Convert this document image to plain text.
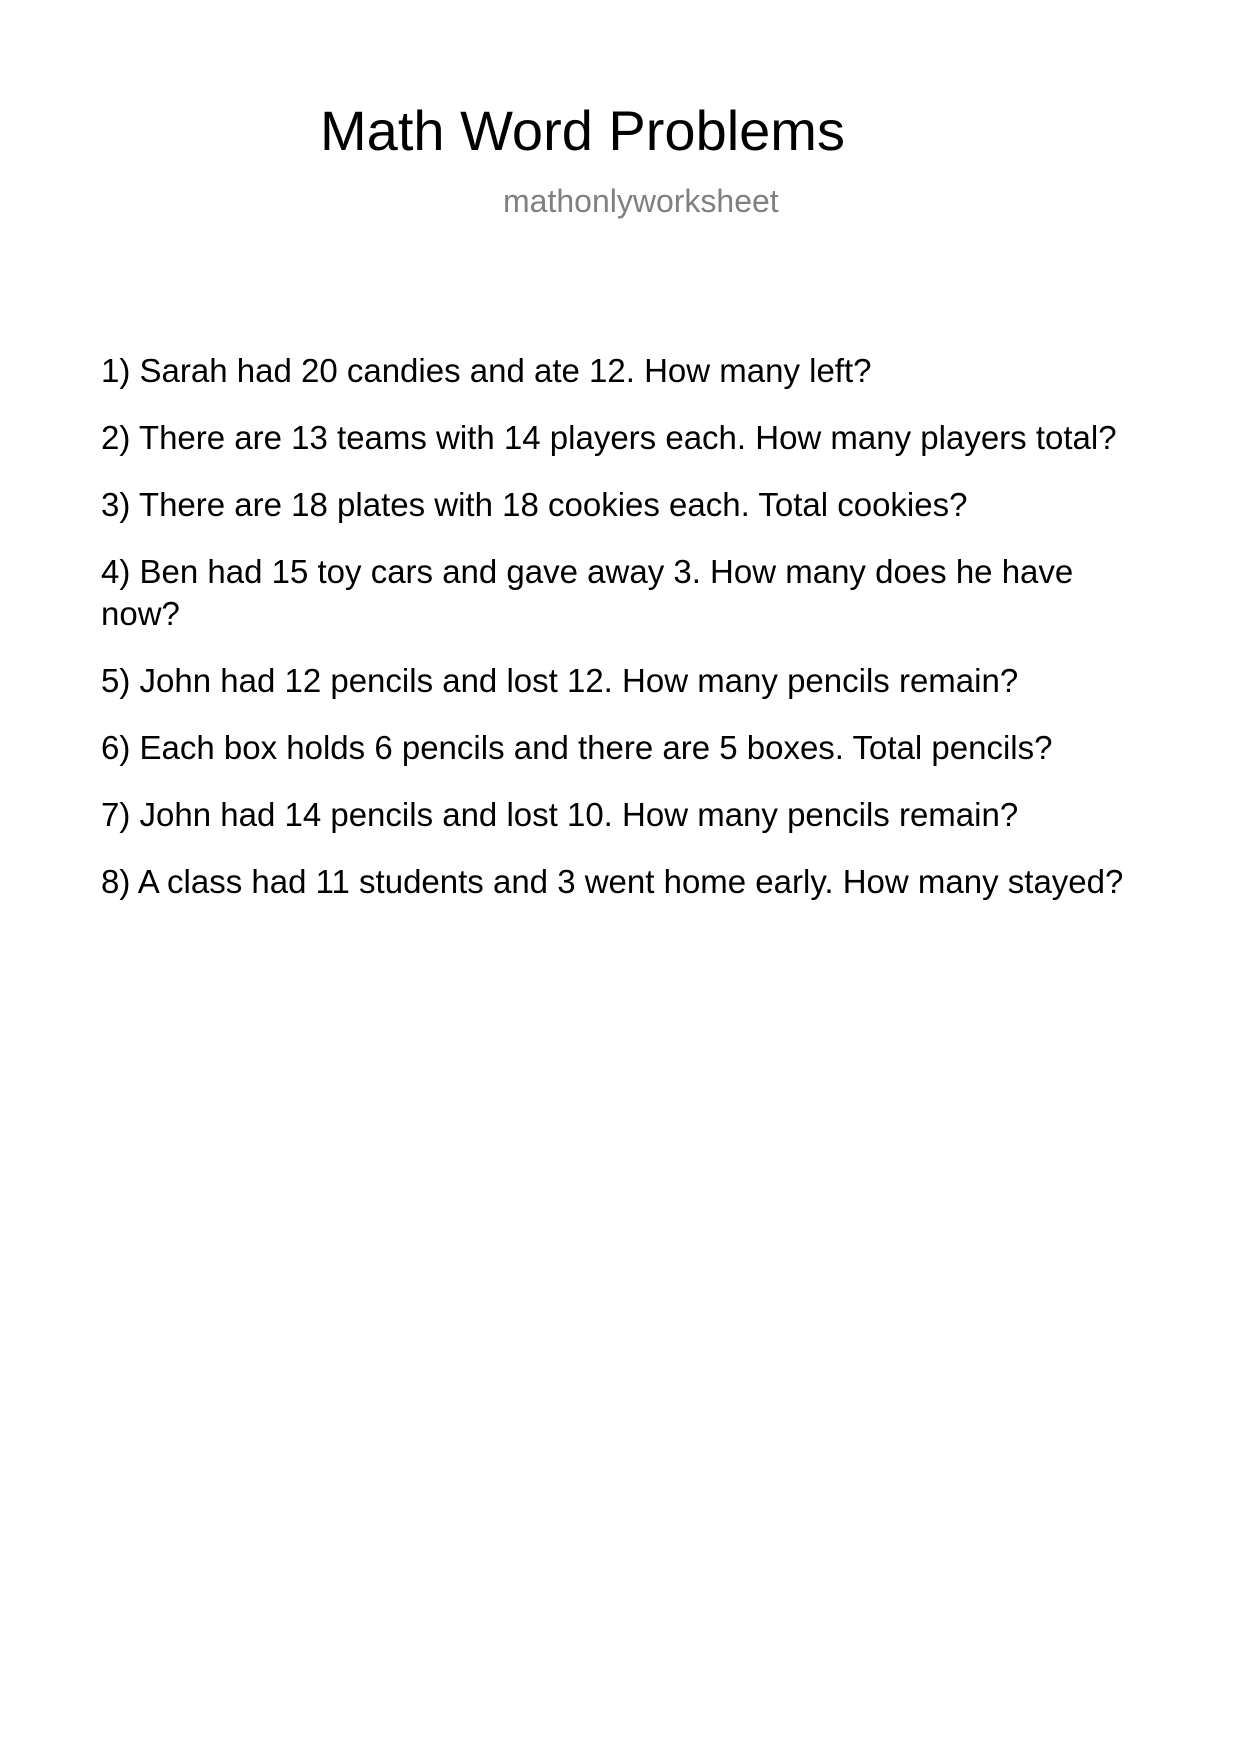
Math Word Problems
mathonlyworksheet
1) Sarah had 20 candies and ate 12. How many left?
2) There are 13 teams with 14 players each. How many players total?
3) There are 18 plates with 18 cookies each. Total cookies?
4) Ben had 15 toy cars and gave away 3. How many does he have now?
5) John had 12 pencils and lost 12. How many pencils remain?
6) Each box holds 6 pencils and there are 5 boxes. Total pencils?
7) John had 14 pencils and lost 10. How many pencils remain?
8) A class had 11 students and 3 went home early. How many stayed?
